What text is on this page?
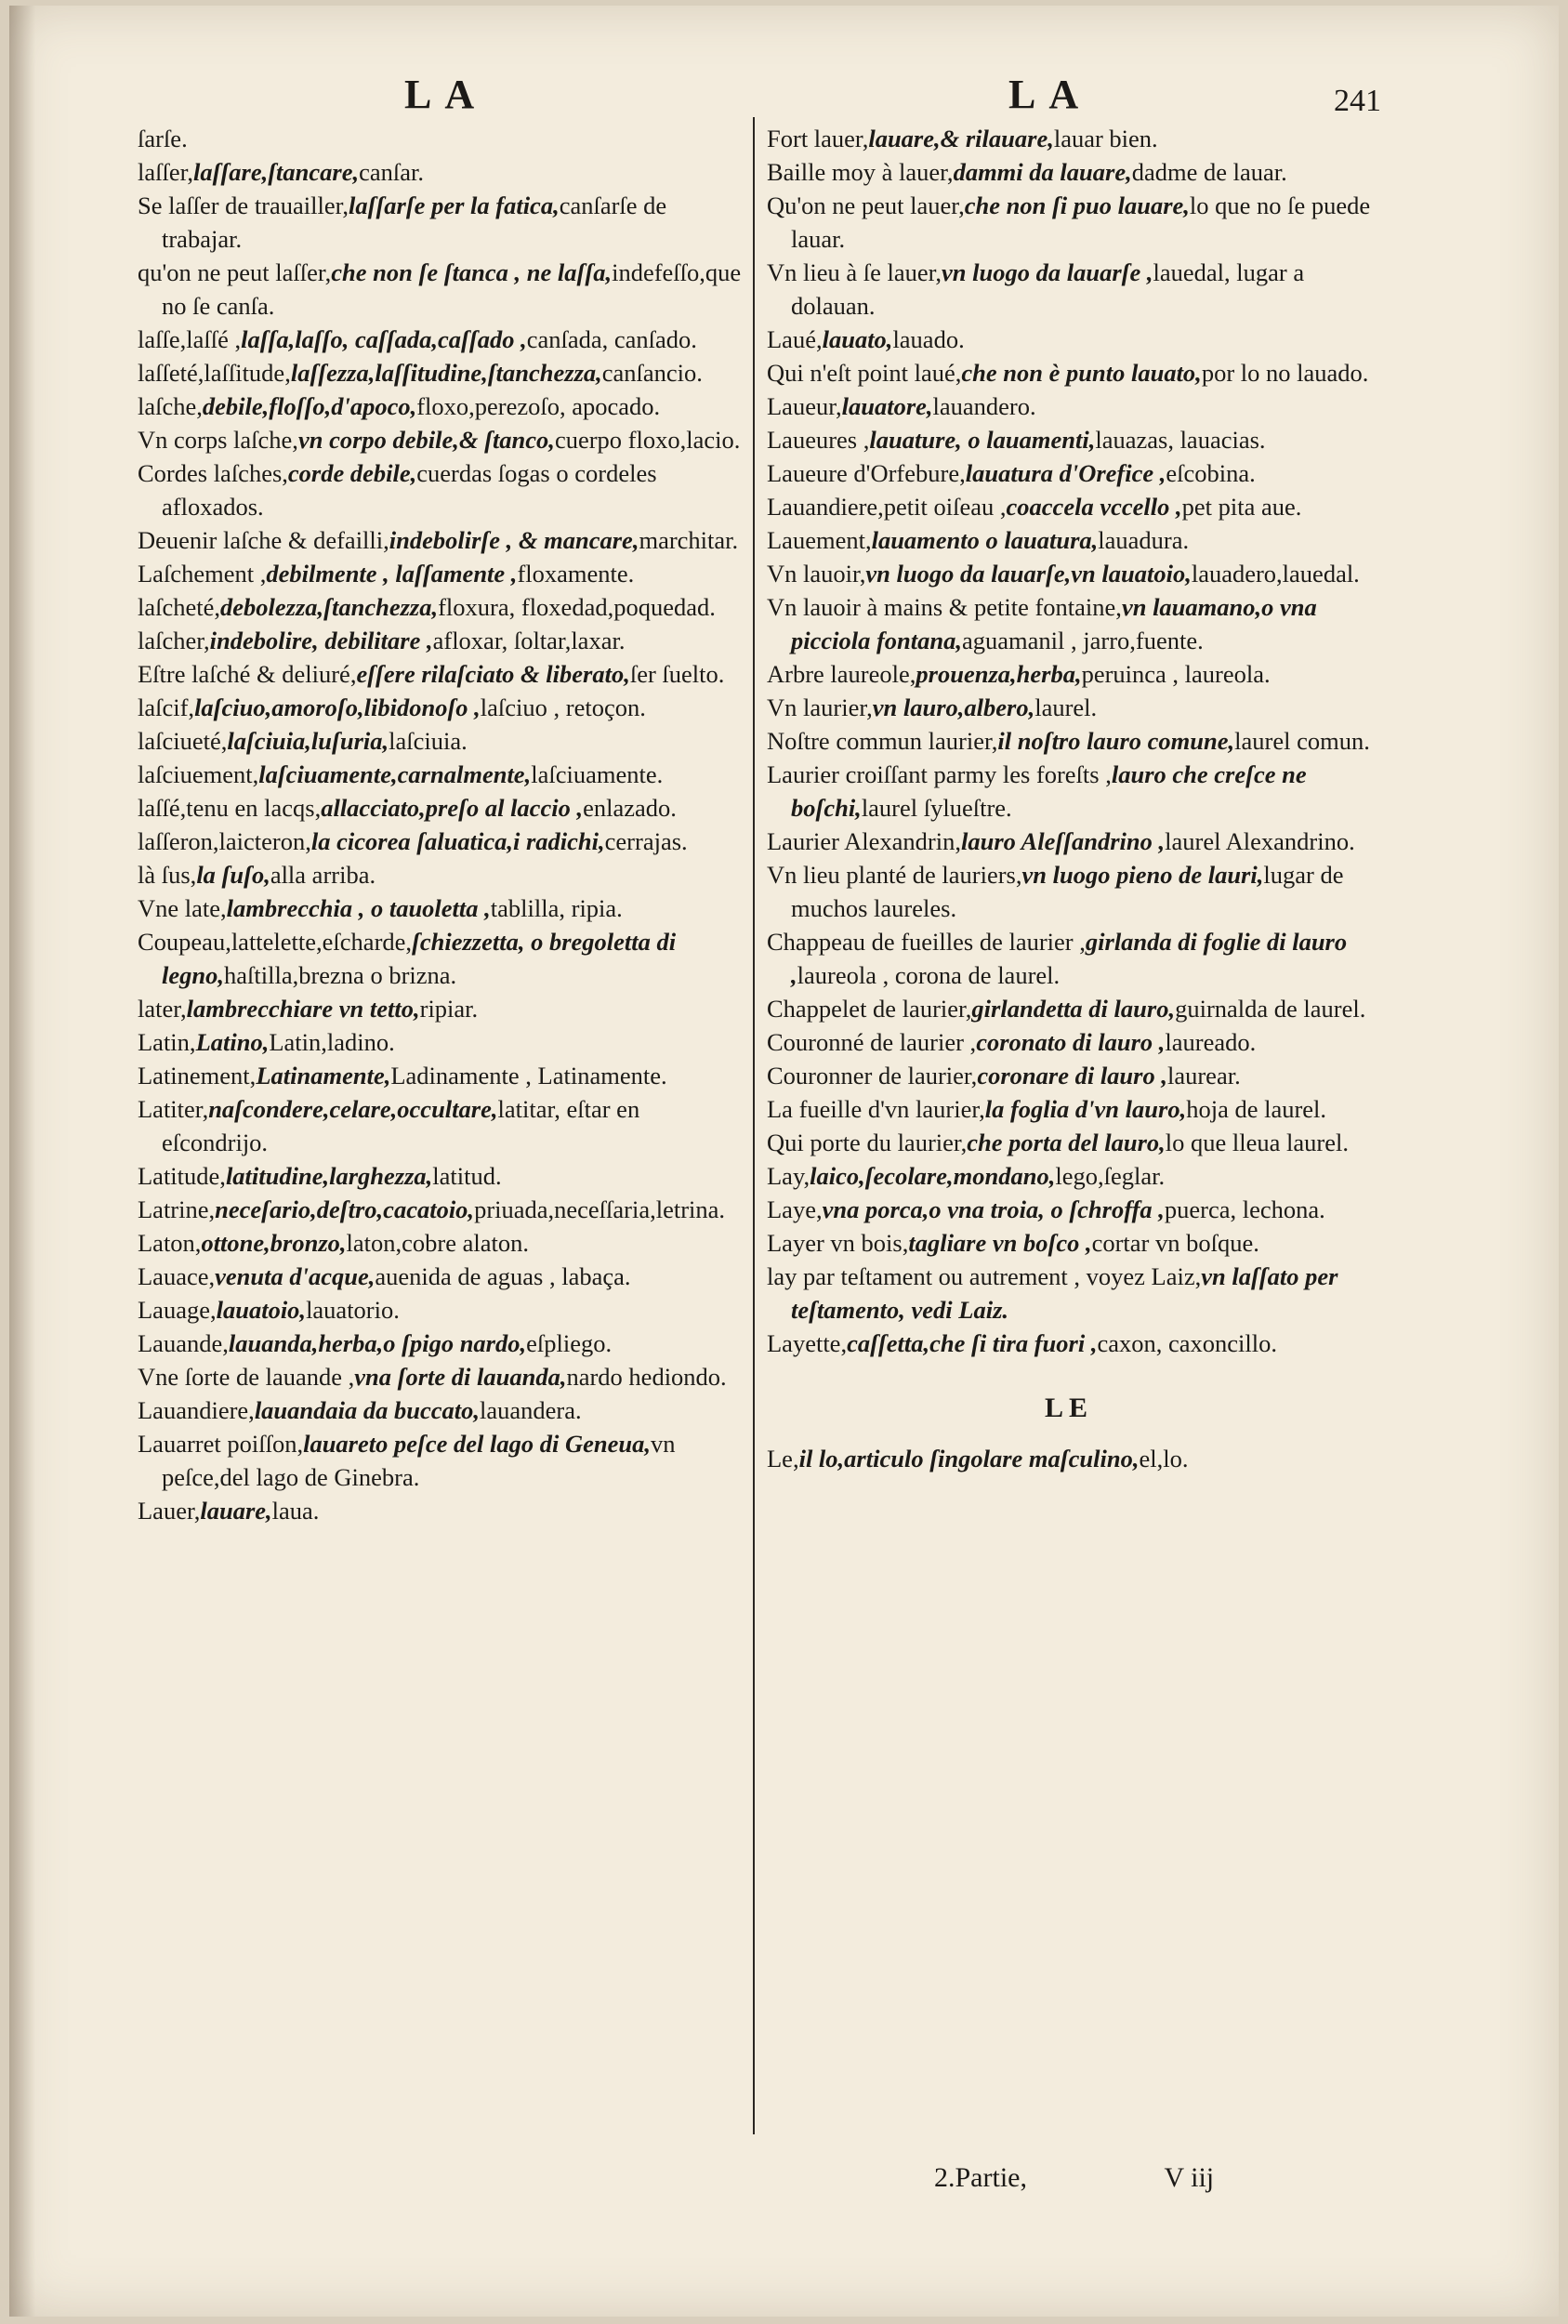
LA	LA	241

ſarſe.

laſſer,laſſare,ſtancare,canſar.

Se laſſer de trauailler,laſſarſe per la fatica,canſarſe de trabajar.

qu'on ne peut laſſer,che non ſe ſtanca , ne laſſa,indefeſſo,que no ſe canſa.

laſſe,laſſé ,laſſa,laſſo, caſſada,caſſado ,canſada, canſado.

laſſeté,laſſitude,laſſezza,laſſitudine,ſtanchezza,canſancio.

laſche,debile,floſſo,d'apoco,floxo,perezoſo, apocado.

Vn corps laſche,vn corpo debile,& ſtanco,cuerpo floxo,lacio.

Cordes laſches,corde debile,cuerdas ſogas o cordeles afloxados.

Deuenir laſche & defailli,indebolirſe , & mancare,marchitar.

Laſchement ,debilmente , laſſamente ,floxamente.

laſcheté,debolezza,ſtanchezza,floxura, floxedad,poquedad.

laſcher,indebolire, debilitare ,afloxar, ſoltar,laxar.

Eſtre laſché & deliuré,eſſere rilaſciato & liberato,ſer ſuelto.

laſcif,laſciuo,amoroſo,libidonoſo ,laſciuo , retoçon.

laſciueté,laſciuia,luſuria,laſciuia.

laſciuement,laſciuamente,carnalmente,laſciuamente.

laſſé,tenu en lacqs,allacciato,preſo al laccio ,enlazado.

laſſeron,laicteron,la cicorea ſaluatica,i radichi,cerrajas.

là ſus,la ſuſo,alla arriba.

Vne late,lambrecchia , o tauoletta ,tablilla, ripia.

Coupeau,lattelette,eſcharde,ſchiezzetta, o bregoletta di legno,haſtilla,brezna o brizna.

later,lambrecchiare vn tetto,ripiar.

Latin,Latino,Latin,ladino.

Latinement,Latinamente,Ladinamente , Latinamente.

Latiter,naſcondere,celare,occultare,latitar, eſtar en eſcondrijo.

Latitude,latitudine,larghezza,latitud.

Latrine,neceſario,deſtro,cacatoio,priuada,neceſſaria,letrina.

Laton,ottone,bronzo,laton,cobre alaton.

Lauace,venuta d'acque,auenida de aguas , labaça.

Lauage,lauatoio,lauatorio.

Lauande,lauanda,herba,o ſpigo nardo,eſpliego.

Vne ſorte de lauande ,vna ſorte di lauanda,nardo hediondo.

Lauandiere,lauandaia da buccato,lauandera.

Lauarret poiſſon,lauareto peſce del lago di Geneua,vn peſce,del lago de Ginebra.

Lauer,lauare,laua.

Fort lauer,lauare,& rilauare,lauar bien.

Baille moy à lauer,dammi da lauare,dadme de lauar.

Qu'on ne peut lauer,che non ſi puo lauare,lo que no ſe puede lauar.

Vn lieu à ſe lauer,vn luogo da lauarſe ,lauedal, lugar a dolauan.

Laué,lauato,lauado.

Qui n'eſt point laué,che non è punto lauato,por lo no lauado.

Laueur,lauatore,lauandero.

Laueures ,lauature, o lauamenti,lauazas, lauacias.

Laueure d'Orfebure,lauatura d'Orefice ,eſcobina.

Lauandiere,petit oiſeau ,coaccela vccello ,pet pita aue.

Lauement,lauamento o lauatura,lauadura.

Vn lauoir,vn luogo da lauarſe,vn lauatoio,lauadero,lauedal.

Vn lauoir à mains & petite fontaine,vn lauamano,o vna picciola fontana,aguamanil , jarro,fuente.

Arbre laureole,prouenza,herba,peruinca , laureola.

Vn laurier,vn lauro,albero,laurel.

Noſtre commun laurier,il noſtro lauro comune,laurel comun.

Laurier croiſſant parmy les foreſts ,lauro che creſce ne boſchi,laurel ſylueſtre.

Laurier Alexandrin,lauro Aleſſandrino ,laurel Alexandrino.

Vn lieu planté de lauriers,vn luogo pieno de lauri,lugar de muchos laureles.

Chappeau de fueilles de laurier ,girlanda di foglie di lauro ,laureola , corona de laurel.

Chappelet de laurier,girlandetta di lauro,guirnalda de laurel.

Couronné de laurier ,coronato di lauro ,laureado.

Couronner de laurier,coronare di lauro ,laurear.

La fueille d'vn laurier,la foglia d'vn lauro,hoja de laurel.

Qui porte du laurier,che porta del lauro,lo que lleua laurel.

Lay,laico,ſecolare,mondano,lego,ſeglar.

Laye,vna porca,o vna troia, o ſchroffa ,puerca, lechona.

Layer vn bois,tagliare vn boſco ,cortar vn boſque.

lay par teſtament ou autrement , voyez Laiz,vn laſſato per teſtamento, vedi Laiz.

Layette,caſſetta,che ſi tira fuori ,caxon, caxoncillo.

LE

Le,il lo,articulo ſingolare maſculino,el,lo.

2.Partie,	V iij
